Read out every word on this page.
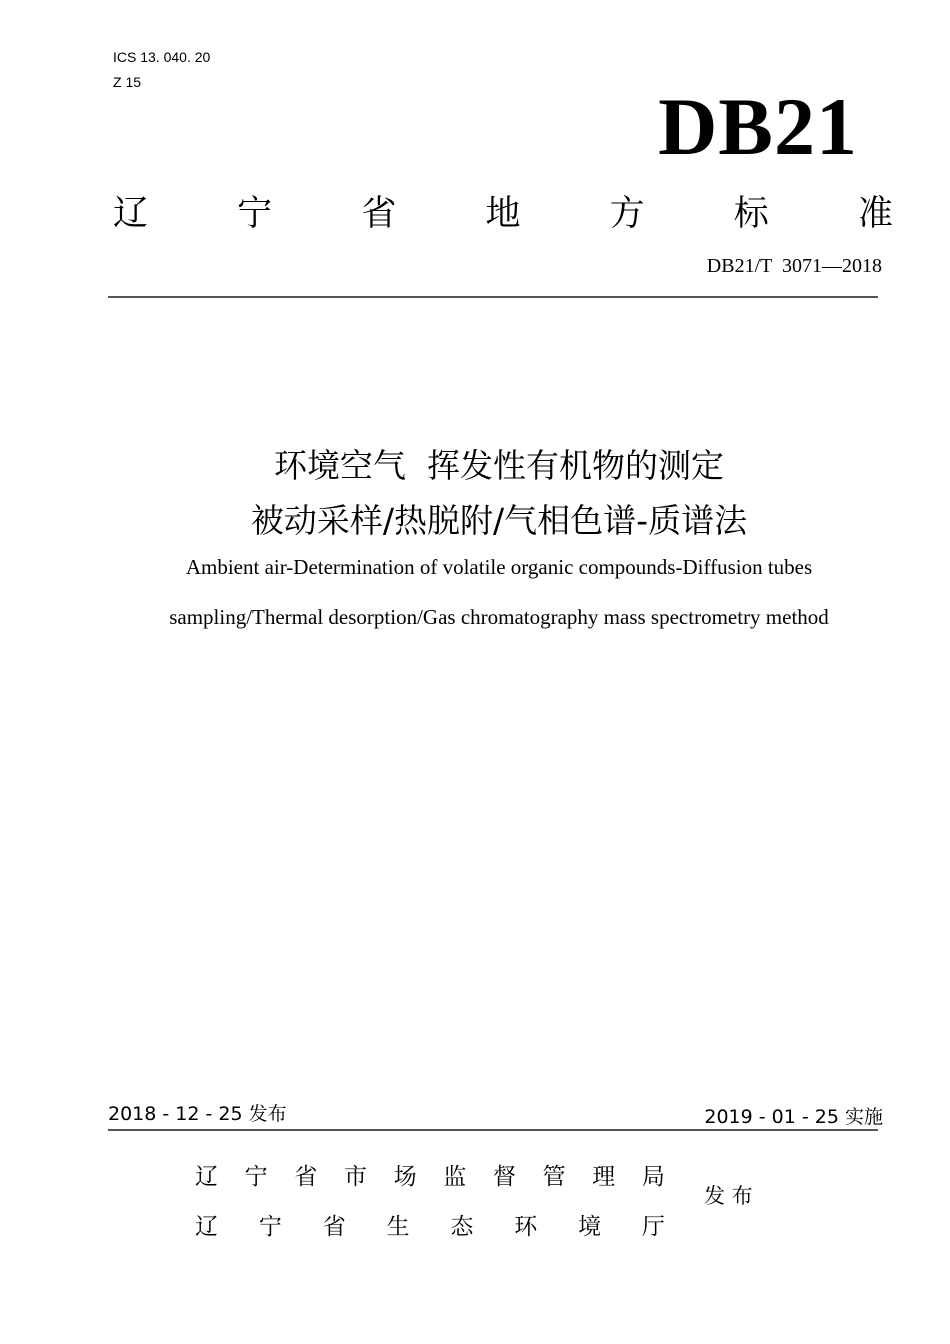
ICS 13. 040. 20
Z 15	DB21
辽	宁	省	地	方	标	准
DB21/T  3071—2018
环境空气  挥发性有机物的测定
被动采样/热脱附/气相色谱-质谱法
Ambient air-Determination of volatile organic compounds-Diffusion tubes
sampling/Thermal desorption/Gas chromatography mass spectrometry method
2018 - 12 - 25 发布	2019 - 01 - 25 实施
辽 宁 省 市 场 监 督 管 理 局
辽 宁 省 生 态 环 境 厅
发 布
